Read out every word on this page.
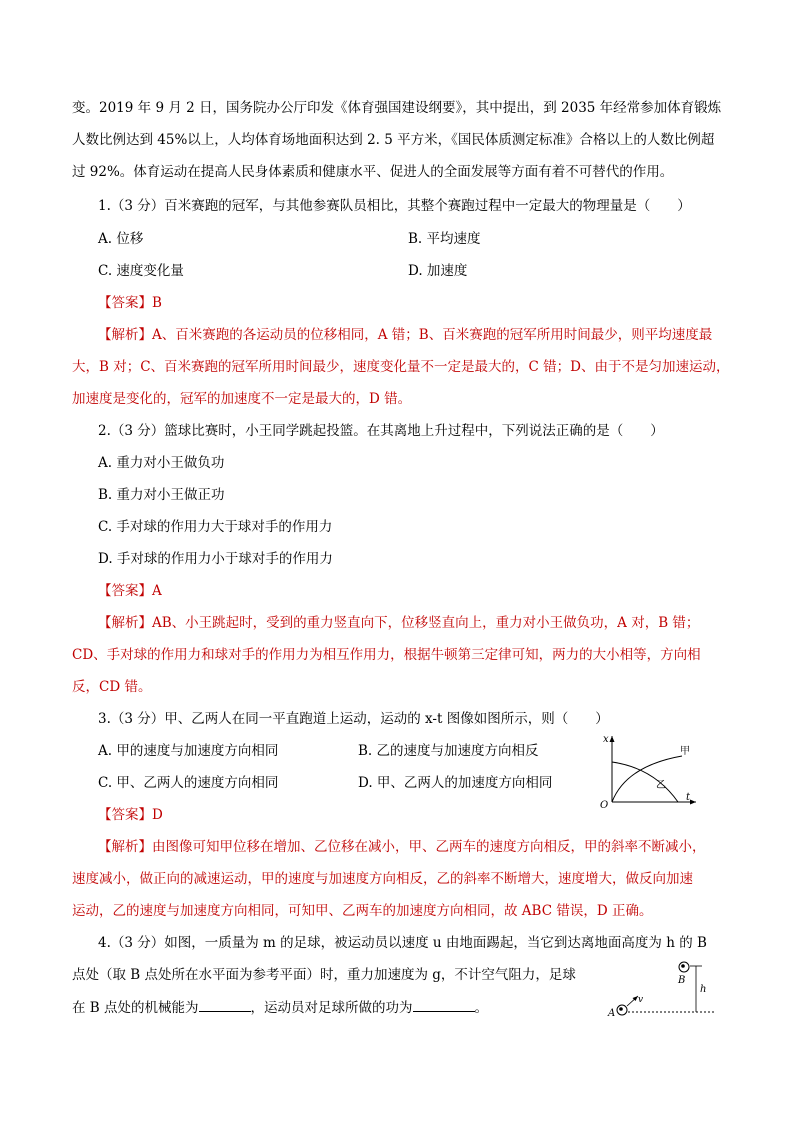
变。2019 年 9 月 2 日，国务院办公厅印发《体育强国建设纲要》，其中提出，到 2035 年经常参加体育锻炼
人数比例达到 45%以上，人均体育场地面积达到 2. 5 平方米，《国民体质测定标准》合格以上的人数比例超
过 92%。体育运动在提高人民身体素质和健康水平、促进人的全面发展等方面有着不可替代的作用。
1.（3 分）百米赛跑的冠军，与其他参赛队员相比，其整个赛跑过程中一定最大的物理量是（　　）
A. 位移	B. 平均速度
C. 速度变化量	D. 加速度
【答案】B
【解析】A、百米赛跑的各运动员的位移相同，A 错；B、百米赛跑的冠军所用时间最少，则平均速度最
大，B 对；C、百米赛跑的冠军所用时间最少，速度变化量不一定是最大的，C 错；D、由于不是匀加速运动，
加速度是变化的，冠军的加速度不一定是最大的，D 错。
2.（3 分）篮球比赛时，小王同学跳起投篮。在其离地上升过程中，下列说法正确的是（　　）
A. 重力对小王做负功
B. 重力对小王做正功
C. 手对球的作用力大于球对手的作用力
D. 手对球的作用力小于球对手的作用力
【答案】A
【解析】AB、小王跳起时，受到的重力竖直向下，位移竖直向上，重力对小王做负功，A 对，B 错；
CD、手对球的作用力和球对手的作用力为相互作用力，根据牛顿第三定律可知，两力的大小相等，方向相
反，CD 错。
3.（3 分）甲、乙两人在同一平直跑道上运动，运动的 x-t 图像如图所示，则（　　）
A. 甲的速度与加速度方向相同	B. 乙的速度与加速度方向相反
C. 甲、乙两人的速度方向相同	D. 甲、乙两人的加速度方向相同
【答案】D
x
t
O
甲
乙
【解析】由图像可知甲位移在增加、乙位移在减小，甲、乙两车的速度方向相反，甲的斜率不断减小，
速度减小，做正向的减速运动，甲的速度与加速度方向相反，乙的斜率不断增大，速度增大，做反向加速
运动，乙的速度与加速度方向相同，可知甲、乙两车的加速度方向相同，故 ABC 错误，D 正确。
4.（3 分）如图，一质量为 m 的足球，被运动员以速度 u 由地面踢起，当它到达离地面高度为 h 的 B
点处（取 B 点处所在水平面为参考平面）时，重力加速度为 g，不计空气阻力，足球
在 B 点处的机械能为	，运动员对足球所做的功为	。
B
h
A
v
